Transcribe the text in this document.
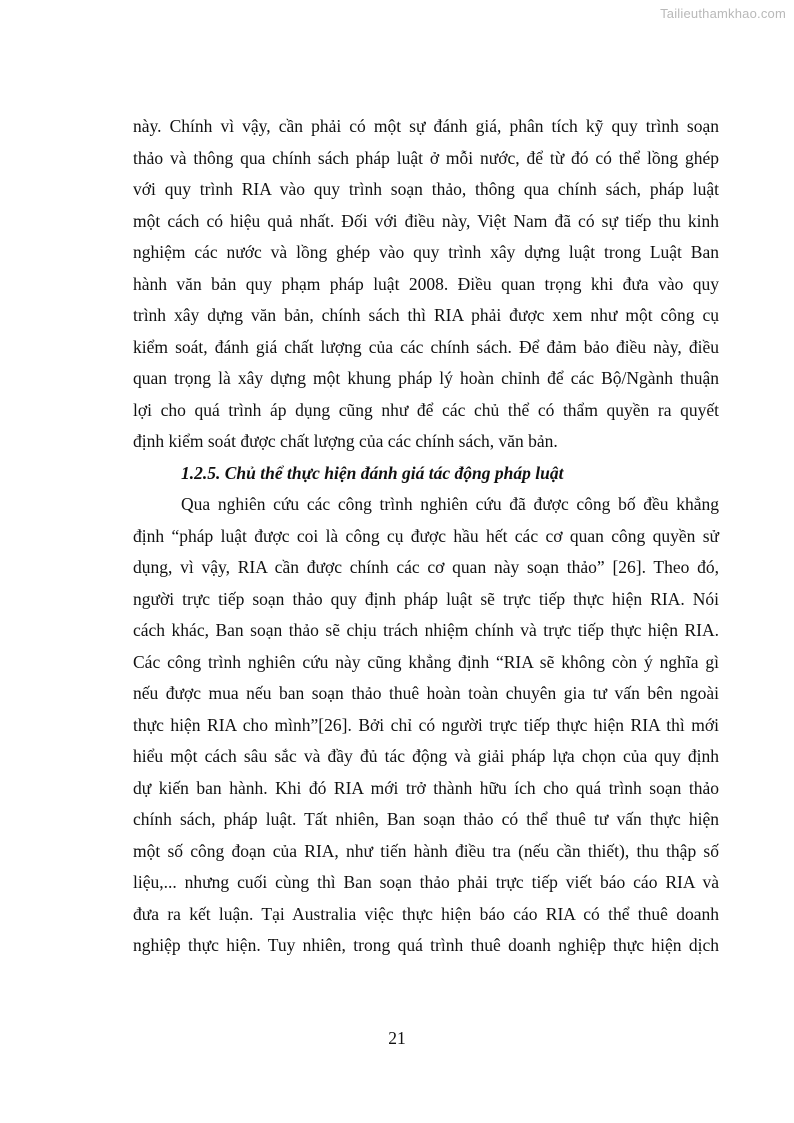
Tailieuthamkhao.com
này. Chính vì vậy, cần phải có một sự đánh giá, phân tích kỹ quy trình soạn
thảo và thông qua chính sách pháp luật ở mỗi nước, để từ đó có thể lồng ghép
với quy trình RIA vào quy trình soạn thảo, thông qua chính sách, pháp luật
một cách có hiệu quả nhất. Đối với điều này, Việt Nam đã có sự tiếp thu kinh
nghiệm các nước và lồng ghép vào quy trình xây dựng luật trong Luật Ban
hành văn bản quy phạm pháp luật 2008. Điều quan trọng khi đưa vào quy
trình xây dựng văn bản, chính sách thì RIA phải được xem như một công cụ
kiểm soát, đánh giá chất lượng của các chính sách. Để đảm bảo điều này, điều
quan trọng là xây dựng một khung pháp lý hoàn chỉnh để các Bộ/Ngành thuận
lợi cho quá trình áp dụng cũng như để các chủ thể có thẩm quyền ra quyết
định kiểm soát được chất lượng của các chính sách, văn bản.
1.2.5. Chủ thể thực hiện đánh giá tác động pháp luật
Qua nghiên cứu các công trình nghiên cứu đã được công bố đều khẳng
định “pháp luật được coi là công cụ được hầu hết các cơ quan công quyền sử
dụng, vì vậy, RIA cần được chính các cơ quan này soạn thảo” [26]. Theo đó,
người trực tiếp soạn thảo quy định pháp luật sẽ trực tiếp thực hiện RIA. Nói
cách khác, Ban soạn thảo sẽ chịu trách nhiệm chính và trực tiếp thực hiện RIA.
Các công trình nghiên cứu này cũng khẳng định “RIA sẽ không còn ý nghĩa gì
nếu được mua nếu ban soạn thảo thuê hoàn toàn chuyên gia tư vấn bên ngoài
thực hiện RIA cho mình”[26]. Bởi chỉ có người trực tiếp thực hiện RIA thì mới
hiểu một cách sâu sắc và đầy đủ tác động và giải pháp lựa chọn của quy định
dự kiến ban hành. Khi đó RIA mới trở thành hữu ích cho quá trình soạn thảo
chính sách, pháp luật. Tất nhiên, Ban soạn thảo có thể thuê tư vấn thực hiện
một số công đoạn của RIA, như tiến hành điều tra (nếu cần thiết), thu thập số
liệu,... nhưng cuối cùng thì Ban soạn thảo phải trực tiếp viết báo cáo RIA và
đưa ra kết luận. Tại Australia việc thực hiện báo cáo RIA có thể thuê doanh
nghiệp thực hiện. Tuy nhiên, trong quá trình thuê doanh nghiệp thực hiện dịch
21
